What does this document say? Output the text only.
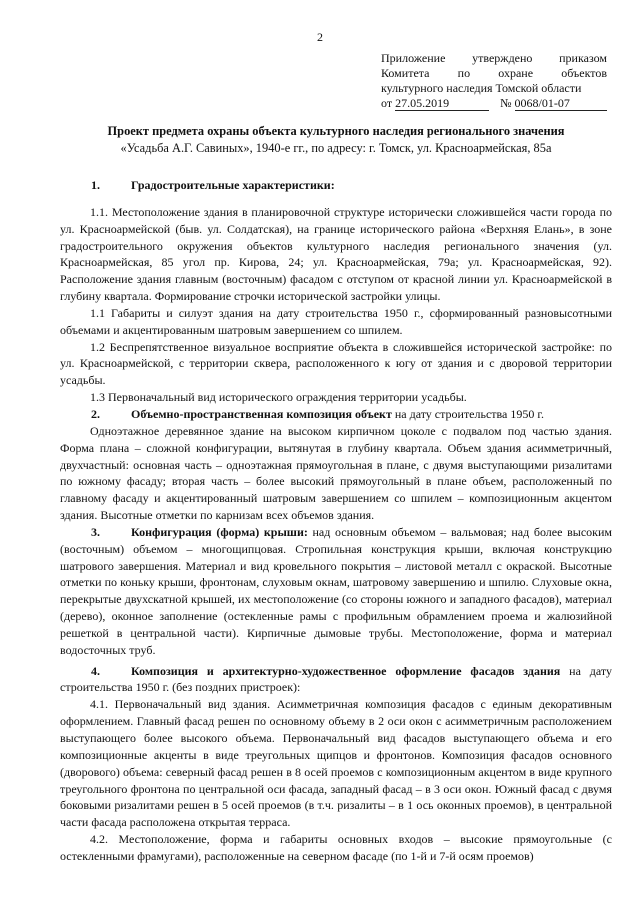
2
Приложение утверждено приказом
Комитета по охране объектов
культурного наследия Томской области
от 27.05.2019	№ 0068/01-07
Проект предмета охраны объекта культурного наследия регионального значения
«Усадьба А.Г. Савиных», 1940-е гг., по адресу: г. Томск, ул. Красноармейская, 85а

1.	Градостроительные характеристики:

1.1. Местоположение здания в планировочной структуре исторически сложившейся части города по ул. Красноармейской (быв. ул. Солдатская), на границе исторического района «Верхняя Елань», в зоне градостроительного окружения объектов культурного наследия регионального значения (ул. Красноармейская, 85 угол пр. Кирова, 24; ул. Красноармейская, 79а; ул. Красноармейская, 92). Расположение здания главным (восточным) фасадом с отступом от красной линии ул. Красноармейской в глубину квартала. Формирование строчки исторической застройки улицы.

1.1 Габариты и силуэт здания на дату строительства 1950 г., сформированный разновысотными объемами и акцентированным шатровым завершением со шпилем.

1.2 Беспрепятственное визуальное восприятие объекта в сложившейся исторической застройке: по ул. Красноармейской, с территории сквера, расположенного к югу от здания и с дворовой территории усадьбы.

1.3 Первоначальный вид исторического ограждения территории усадьбы.

2.	Объемно-пространственная композиция объект на дату строительства 1950 г.

Одноэтажное деревянное здание на высоком кирпичном цоколе с подвалом под частью здания. Форма плана – сложной конфигурации, вытянутая в глубину квартала. Объем здания асимметричный, двухчастный: основная часть – одноэтажная прямоугольная в плане, с двумя выступающими ризалитами по южному фасаду; вторая часть – более высокий прямоугольный в плане объем, расположенный по главному фасаду и акцентированный шатровым завершением со шпилем – композиционным акцентом здания. Высотные отметки по карнизам всех объемов здания.

3.	Конфигурация (форма) крыши: над основным объемом – вальмовая; над более высоким (восточным) объемом – многощипцовая. Стропильная конструкция крыши, включая конструкцию шатрового завершения. Материал и вид кровельного покрытия – листовой металл с окраской. Высотные отметки по коньку крыши, фронтонам, слуховым окнам, шатровому завершению и шпилю. Слуховые окна, перекрытые двухскатной крышей, их местоположение (со стороны южного и западного фасадов), материал (дерево), оконное заполнение (остекленные рамы с профильным обрамлением проема и жалюзийной решеткой в центральной части). Кирпичные дымовые трубы. Местоположение, форма и материал водосточных труб.

4.	Композиция и архитектурно-художественное оформление фасадов здания на дату строительства 1950 г. (без поздних пристроек):

4.1. Первоначальный вид здания. Асимметричная композиция фасадов с единым декоративным оформлением. Главный фасад решен по основному объему в 2 оси окон с асимметричным расположением выступающего более высокого объема. Первоначальный вид фасадов выступающего объема и его композиционные акценты в виде треугольных щипцов и фронтонов. Композиция фасадов основного (дворового) объема: северный фасад решен в 8 осей проемов с композиционным акцентом в виде крупного треугольного фронтона по центральной оси фасада, западный фасад – в 3 оси окон. Южный фасад с двумя боковыми ризалитами решен в 5 осей проемов (в т.ч. ризалиты – в 1 ось оконных проемов), в центральной части фасада расположена открытая терраса.

4.2. Местоположение, форма и габариты основных входов – высокие прямоугольные (с остекленными фрамугами), расположенные на северном фасаде (по 1-й и 7-й осям проемов)
